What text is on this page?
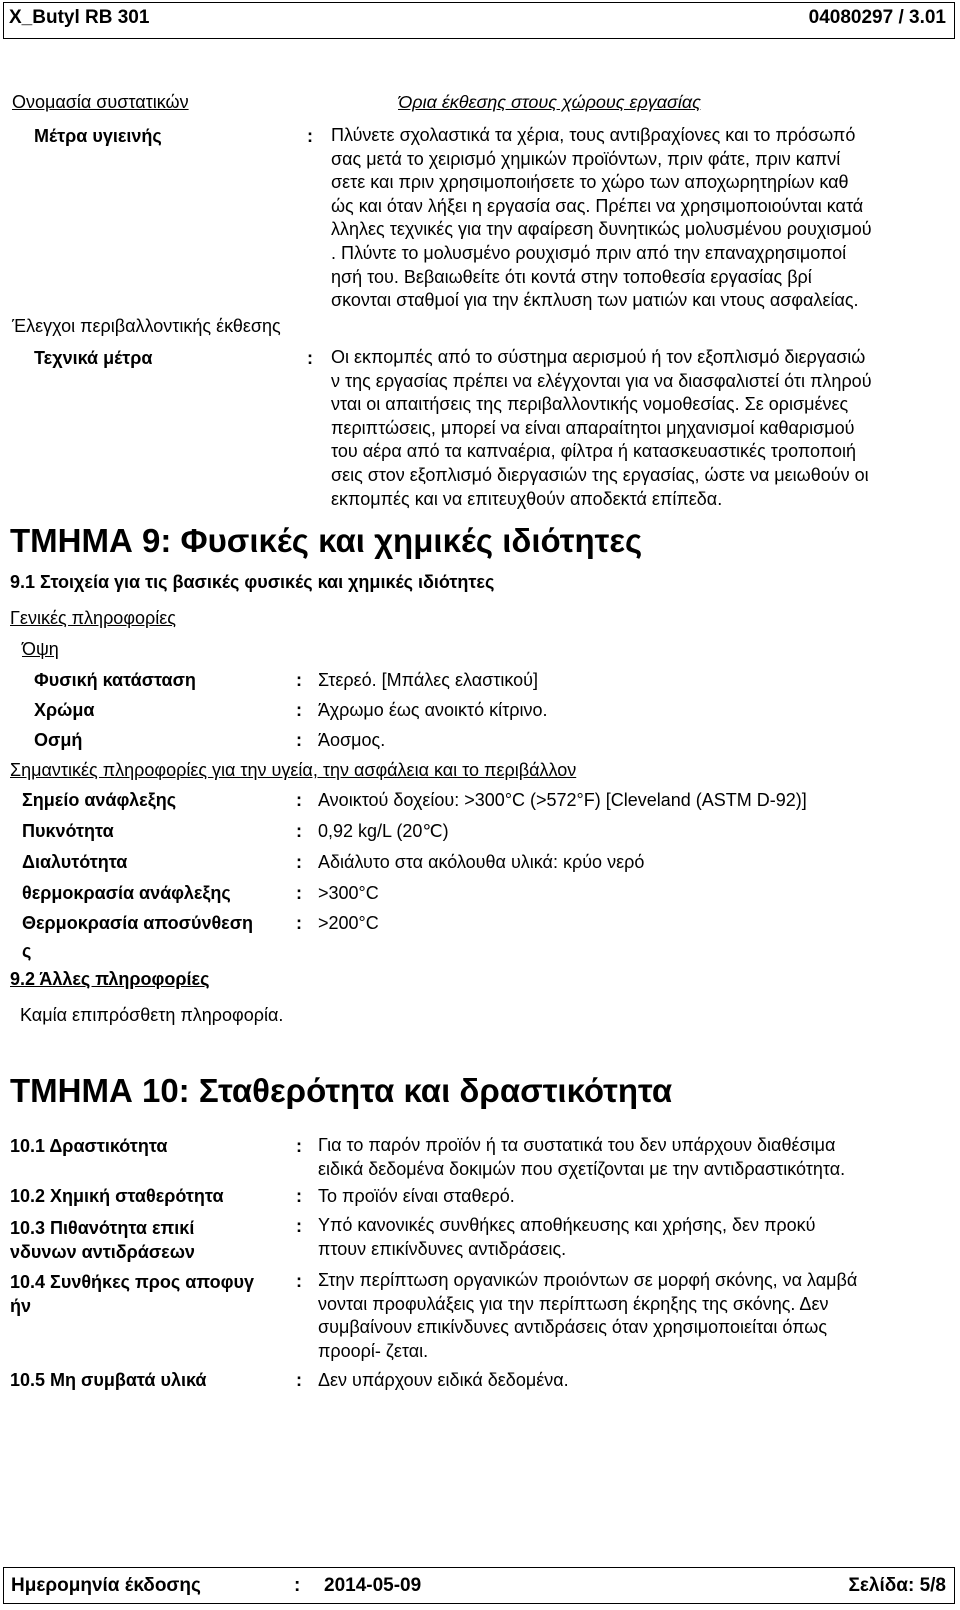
X_Butyl RB 301	04080297 / 3.01
Ονομασία συστατικών	Όρια έκθεσης στους χώρους εργασίας
Μέτρα υγιεινής	: Πλύνετε σχολαστικά τα χέρια, τους αντιβραχίονες και το πρόσωπό
σας μετά το χειρισμό χημικών προϊόντων, πριν φάτε, πριν καπνί
σετε και πριν χρησιμοποιήσετε το χώρο των αποχωρητηρίων καθ
ώς και όταν λήξει η εργασία σας. Πρέπει να χρησιμοποιούνται κατά
λληλες τεχνικές για την αφαίρεση δυνητικώς μολυσμένου ρουχισμού
. Πλύντε το μολυσμένο ρουχισμό πριν από την επαναχρησιμοποί
ησή του. Βεβαιωθείτε ότι κοντά στην τοποθεσία εργασίας βρί
σκονται σταθμοί για την έκπλυση των ματιών και ντους ασφαλείας.
Έλεγχοι περιβαλλοντικής έκθεσης
Τεχνικά μέτρα	: Οι εκπομπές από το σύστημα αερισμού ή τον εξοπλισμό διεργασιώ
ν της εργασίας πρέπει να ελέγχονται για να διασφαλιστεί ότι πληρού
νται οι απαιτήσεις της περιβαλλοντικής νομοθεσίας. Σε ορισμένες
περιπτώσεις, μπορεί να είναι απαραίτητοι μηχανισμοί καθαρισμού
του αέρα από τα καπναέρια, φίλτρα ή κατασκευαστικές τροποποιή
σεις στον εξοπλισμό διεργασιών της εργασίας, ώστε να μειωθούν οι
εκπομπές και να επιτευχθούν αποδεκτά επίπεδα.
ΤΜΗΜΑ 9: Φυσικές και χημικές ιδιότητες
9.1 Στοιχεία για τις βασικές φυσικές και χημικές ιδιότητες
Γενικές πληροφορίες
Όψη
Φυσική κατάσταση	: Στερεό. [Μπάλες ελαστικού]
Χρώμα	: Άχρωμο έως ανοικτό κίτρινο.
Οσμή	: Άοσμος.
Σημαντικές πληροφορίες για την υγεία, την ασφάλεια και το περιβάλλον
Σημείο ανάφλεξης	: Ανοικτού δοχείου: >300°C (>572°F) [Cleveland (ASTM D-92)]
Πυκνότητα	: 0,92 kg/L (20℃)
Διαλυτότητα	: Αδιάλυτο στα ακόλουθα υλικά: κρύο νερό
θερμοκρασία ανάφλεξης	: >300°C
Θερμοκρασία αποσύνθεση
ς
: >200°C
9.2 Άλλες πληροφορίες
Καμία επιπρόσθετη πληροφορία.
ΤΜΗΜΑ 10: Σταθερότητα και δραστικότητα
10.1 Δραστικότητα	: Για το παρόν προϊόν ή τα συστατικά του δεν υπάρχουν διαθέσιμα
ειδικά δεδομένα δοκιμών που σχετίζονται με την αντιδραστικότητα.
10.2 Χημική σταθερότητα	: Το προϊόν είναι σταθερό.
10.3 Πιθανότητα επικί
νδυνων αντιδράσεων
: Υπό κανονικές συνθήκες αποθήκευσης και χρήσης, δεν προκύ
πτουν επικίνδυνες αντιδράσεις.
10.4 Συνθήκες προς αποφυγ
ήν
: Στην περίπτωση οργανικών προιόντων σε μορφή σκόνης, να λαμβά
νονται προφυλάξεις για την περίπτωση έκρηξης της σκόνης. Δεν
συμβαίνουν επικίνδυνες αντιδράσεις όταν χρησιμοποιείται όπως
προορί- ζεται.
10.5 Μη συμβατά υλικά	: Δεν υπάρχουν ειδικά δεδομένα.
Ημερομηνία έκδοσης	: 2014-05-09	Σελίδα: 5/8
